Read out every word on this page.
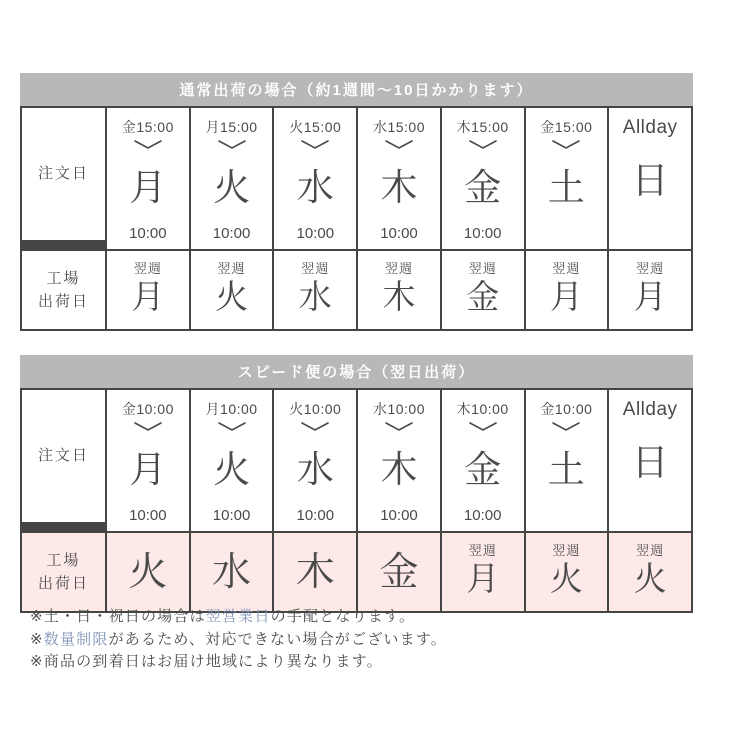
通常出荷の場合（約1週間〜10日かかります）
注文日
金15:00
月
10:00
月15:00
火
10:00
火15:00
水
10:00
水15:00
木
10:00
木15:00
金
10:00
金15:00
土
Allday
日
工場
出荷日
翌週
月
翌週
火
翌週
水
翌週
木
翌週
金
翌週
月
翌週
月
スピード便の場合（翌日出荷）
注文日
金10:00
月
10:00
月10:00
火
10:00
火10:00
水
10:00
水10:00
木
10:00
木10:00
金
10:00
金10:00
土
Allday
日
工場
出荷日 火 水 木 金	翌週
月
翌週
火
翌週
火
※土・日・祝日の場合は翌営業日の手配となります。
※数量制限があるため、対応できない場合がございます。
※商品の到着日はお届け地域により異なります。
